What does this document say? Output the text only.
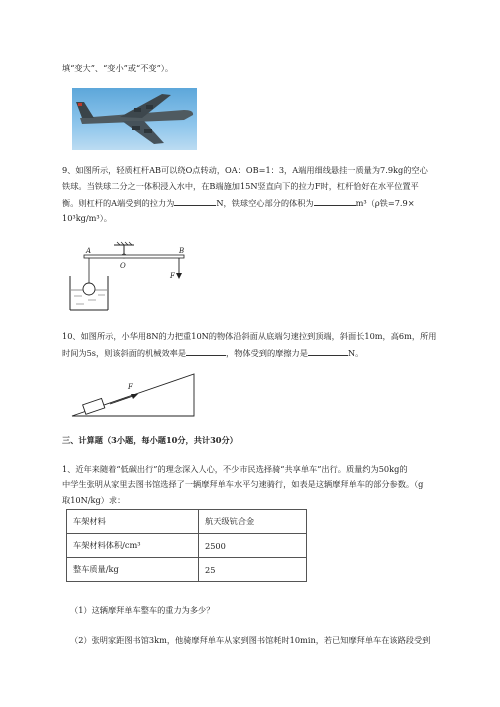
填“变大”、“变小”或“不变”）。
9、如图所示，轻质杠杆AB可以绕O点转动，OA：OB=1：3，A端用细线悬挂一质量为7.9kg的空心
铁球。当铁球二分之一体积浸入水中，在B端施加15N竖直向下的拉力F时，杠杆恰好在水平位置平
衡。则杠杆的A端受到的拉力为	N，铁球空心部分的体积为	m³（ρ铁=7.9×
10³kg/m³）。
A	B
O
F
10、如图所示，小华用8N的力把重10N的物体沿斜面从底端匀速拉到顶端，斜面长10m，高6m，所用
时间为5s，则该斜面的机械效率是	，物体受到的摩擦力是	N。
F
三、计算题（3小题，每小题10分，共计30分）
1、近年来随着“低碳出行”的理念深入人心，不少市民选择骑“共享单车”出行。质量约为50kg的
中学生张明从家里去图书馆选择了一辆摩拜单车水平匀速骑行，如表是这辆摩拜单车的部分参数。（g
取10N/kg）求：
车架材料	航天级钪合金
车架材料体积/cm³	2500
整车质量/kg	25
（1）这辆摩拜单车整车的重力为多少？
（2）张明家距图书馆3km，他骑摩拜单车从家到图书馆耗时10min，若已知摩拜单车在该路段受到
